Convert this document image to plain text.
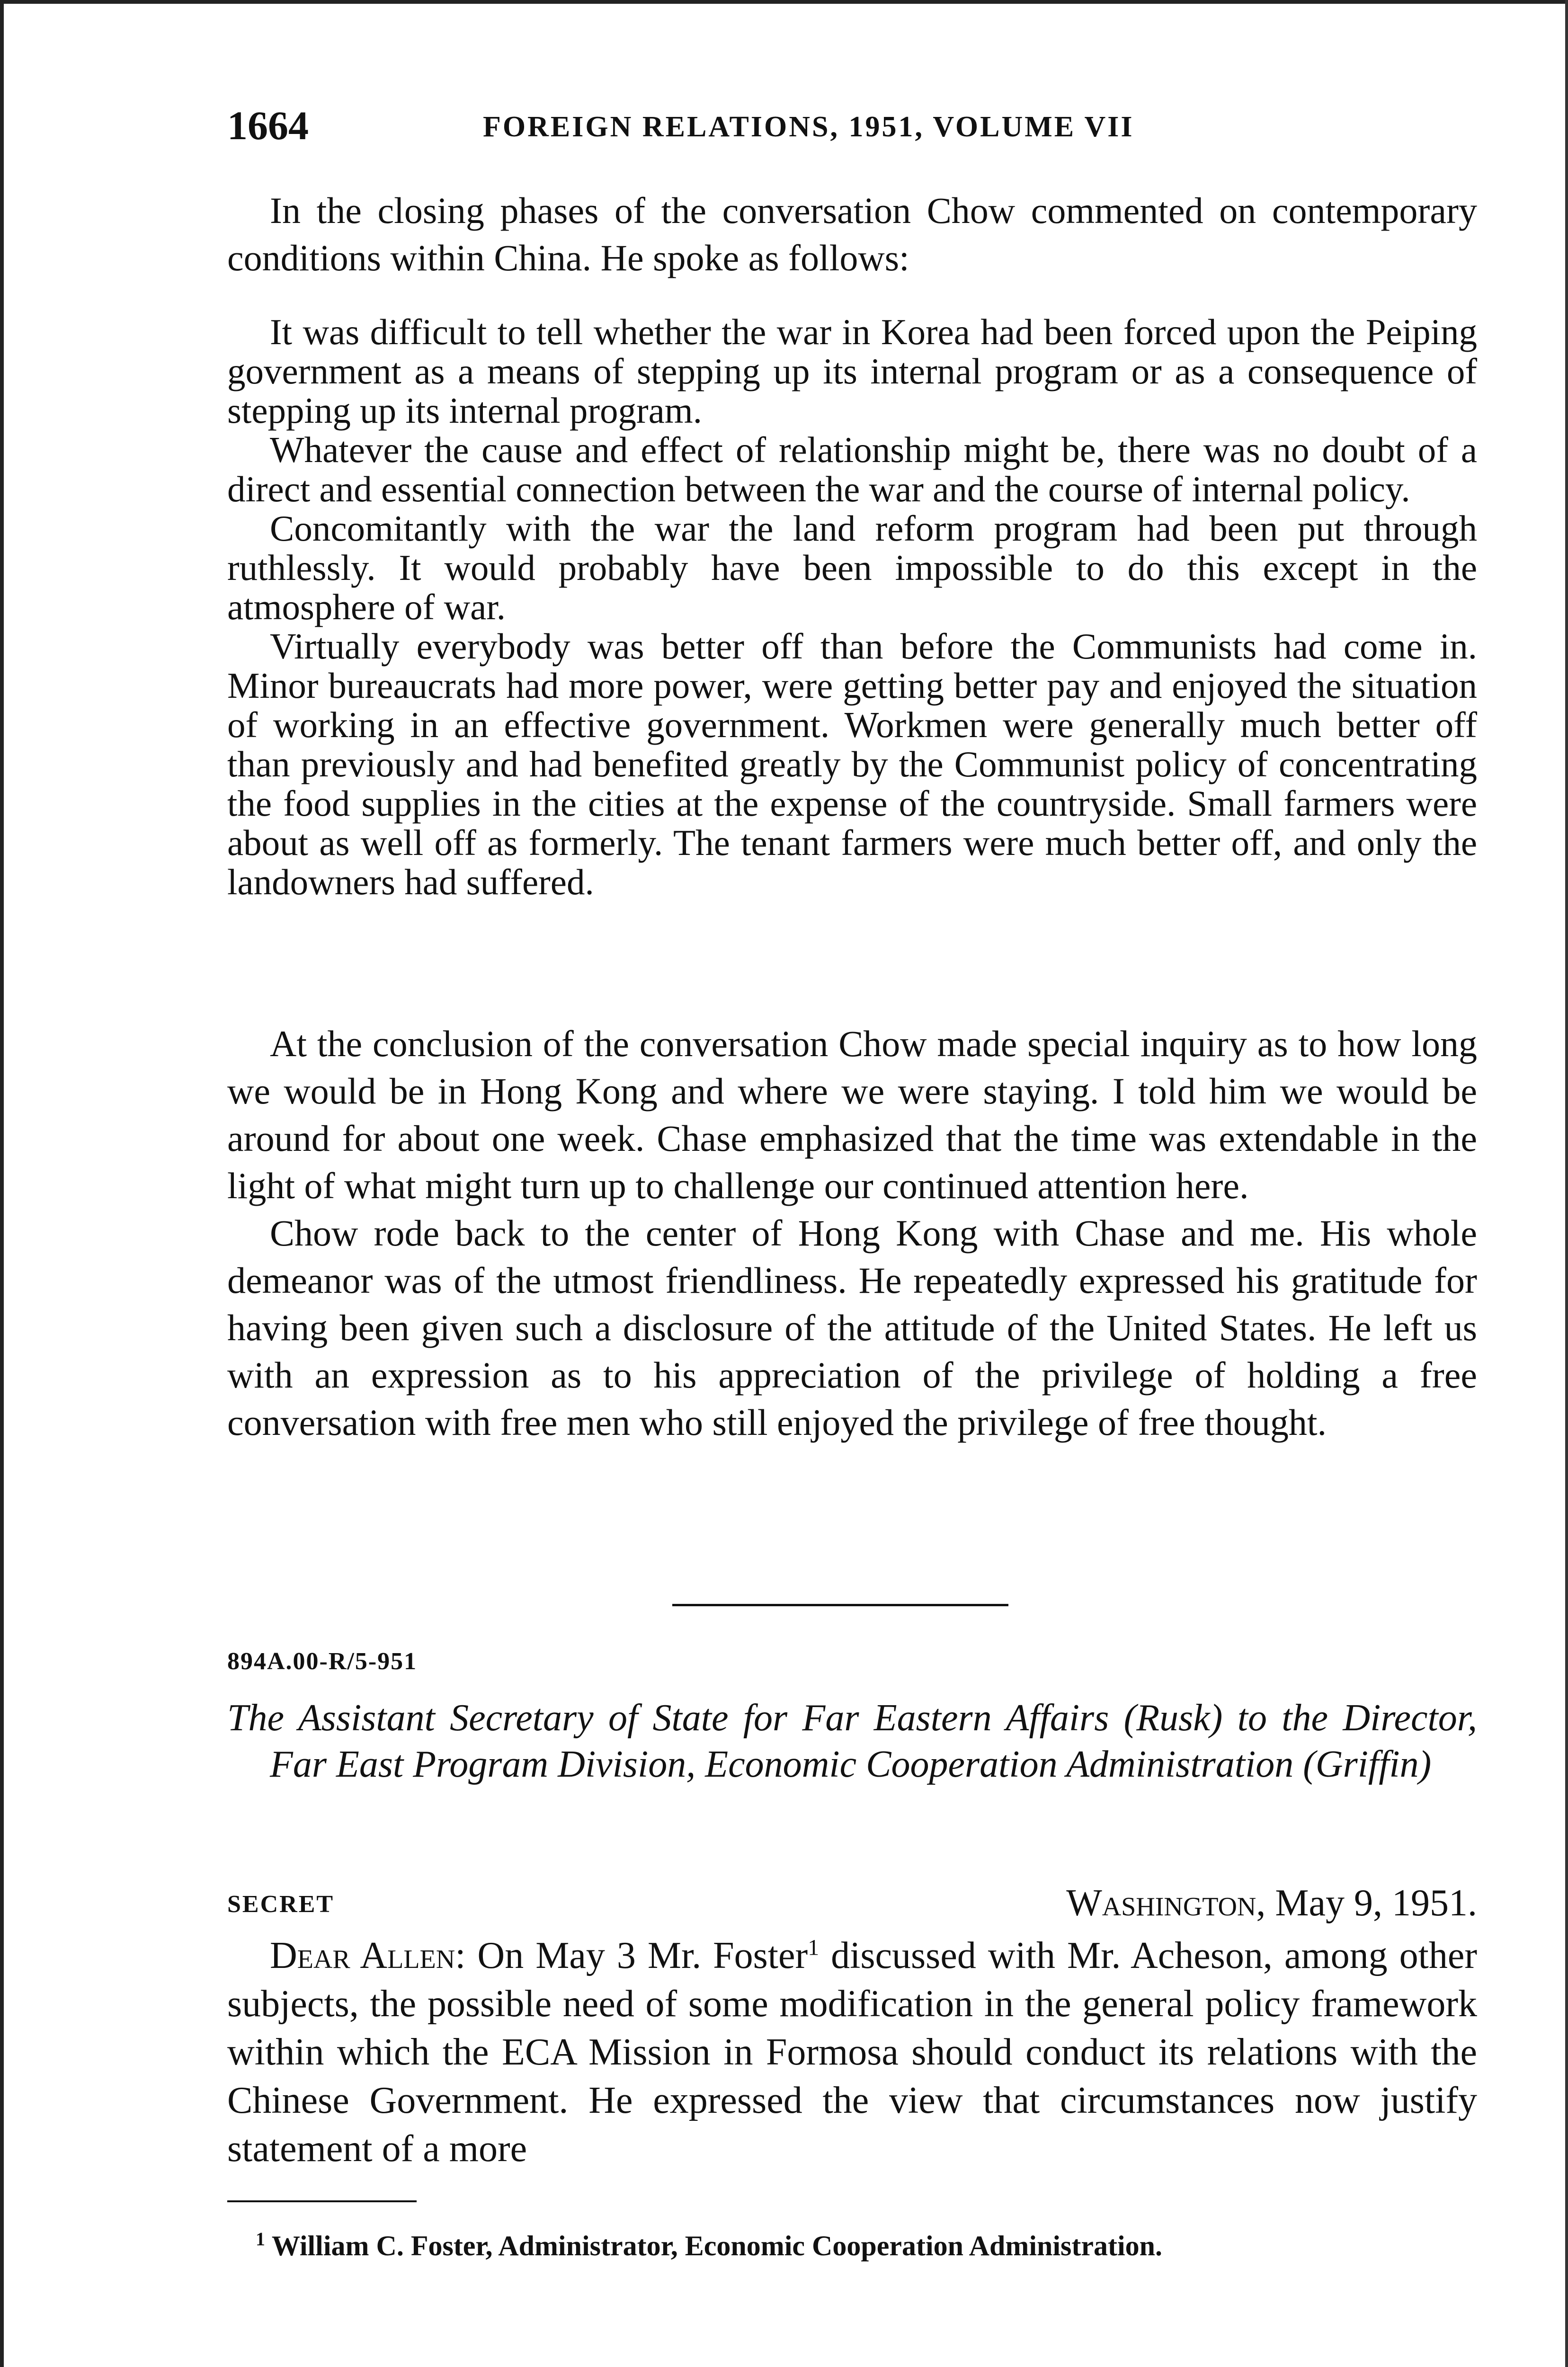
1664	FOREIGN RELATIONS, 1951, VOLUME VII

In the closing phases of the conversation Chow commented on contemporary conditions within China. He spoke as follows:

It was difficult to tell whether the war in Korea had been forced upon the Peiping government as a means of stepping up its internal program or as a consequence of stepping up its internal program.

Whatever the cause and effect of relationship might be, there was no doubt of a direct and essential connection between the war and the course of internal policy.

Concomitantly with the war the land reform program had been put through ruthlessly. It would probably have been impossible to do this except in the atmosphere of war.

Virtually everybody was better off than before the Communists had come in. Minor bureaucrats had more power, were getting better pay and enjoyed the situation of working in an effective government. Workmen were generally much better off than previously and had benefited greatly by the Communist policy of concentrating the food supplies in the cities at the expense of the countryside. Small farmers were about as well off as formerly. The tenant farmers were much better off, and only the landowners had suffered.

At the conclusion of the conversation Chow made special inquiry as to how long we would be in Hong Kong and where we were staying. I told him we would be around for about one week. Chase emphasized that the time was extendable in the light of what might turn up to challenge our continued attention here.

Chow rode back to the center of Hong Kong with Chase and me. His whole demeanor was of the utmost friendliness. He repeatedly expressed his gratitude for having been given such a disclosure of the attitude of the United States. He left us with an expression as to his appreciation of the privilege of holding a free conversation with free men who still enjoyed the privilege of free thought.

894A.00-R/5-951

The Assistant Secretary of State for Far Eastern Affairs (Rusk) to the Director, Far East Program Division, Economic Cooperation Administration (Griffin)

SECRET	Washington, May 9, 1951.

Dear Allen: On May 3 Mr. Foster$^1$ discussed with Mr. Acheson, among other subjects, the possible need of some modification in the general policy framework within which the ECA Mission in Formosa should conduct its relations with the Chinese Government. He expressed the view that circumstances now justify statement of a more

$^1$ William C. Foster, Administrator, Economic Cooperation Administration.
